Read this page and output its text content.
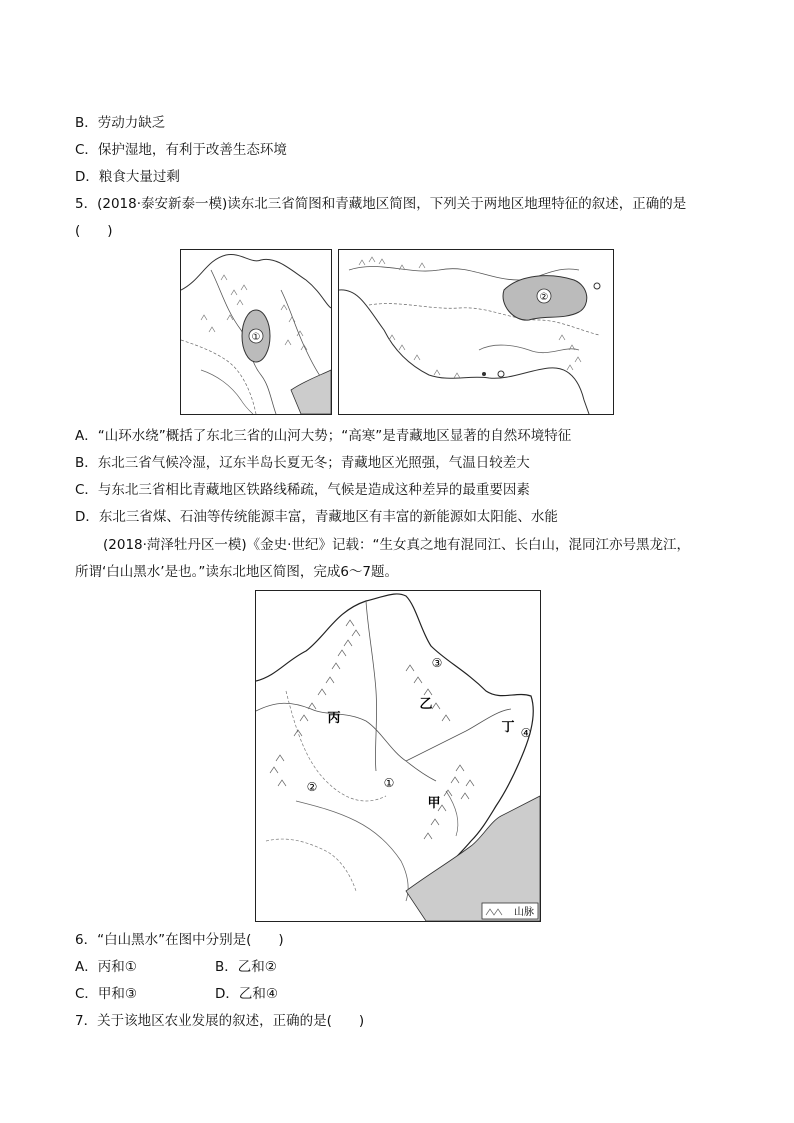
B．劳动力缺乏
C．保护湿地，有利于改善生态环境
D．粮食大量过剩
5．(2018·泰安新泰一模)读东北三省简图和青藏地区简图，下列关于两地区地理特征的叙述，正确的是
(　　)
①
②
A．“山环水绕”概括了东北三省的山河大势；“高寒”是青藏地区显著的自然环境特征
B．东北三省气候冷湿，辽东半岛长夏无冬；青藏地区光照强，气温日较差大
C．与东北三省相比青藏地区铁路线稀疏，气候是造成这种差异的最重要因素
D．东北三省煤、石油等传统能源丰富，青藏地区有丰富的新能源如太阳能、水能
(2018·菏泽牡丹区一模)《金史·世纪》记载：“生女真之地有混同江、长白山，混同江亦号黑龙江，
所谓‘白山黑水’是也。”读东北地区简图，完成6～7题。
丙
乙
丁
甲
①
②
③
④
山脉
6．“白山黑水”在图中分别是(　　)
A．丙和①	B．乙和②
C．甲和③	D．乙和④
7．关于该地区农业发展的叙述，正确的是(　　)
